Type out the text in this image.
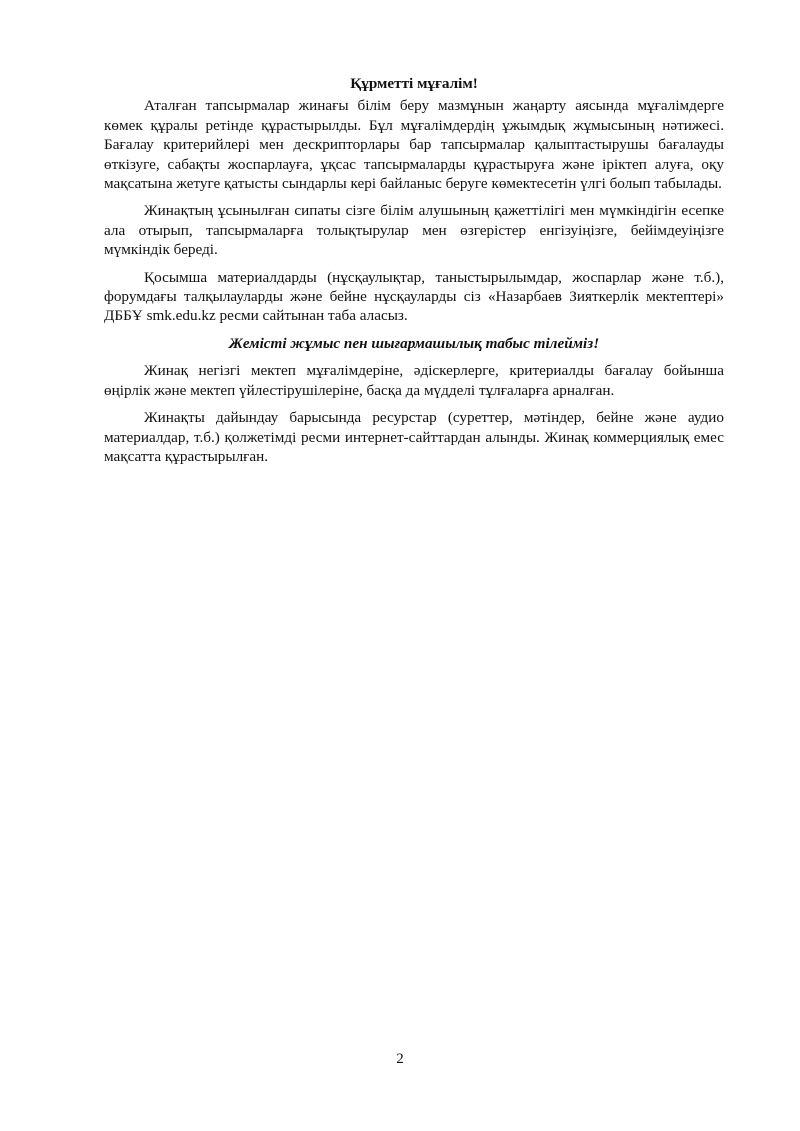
Құрметті мұғалім!

Аталған тапсырмалар жинағы білім беру мазмұнын жаңарту аясында мұғалімдерге көмек құралы ретінде құрастырылды. Бұл мұғалімдердің ұжымдық жұмысының нәтижесі. Бағалау критерийлері мен дескрипторлары бар тапсырмалар қалыптастырушы бағалауды өткізуге, сабақты жоспарлауға, ұқсас тапсырмаларды құрастыруға және іріктеп алуға, оқу мақсатына жетуге қатысты сындарлы кері байланыс беруге көмектесетін үлгі болып табылады.

Жинақтың ұсынылған сипаты сізге білім алушының қажеттілігі мен мүмкіндігін есепке ала отырып, тапсырмаларға толықтырулар мен өзгерістер енгізуіңізге, бейімдеуіңізге мүмкіндік береді.

Қосымша материалдарды (нұсқаулықтар, таныстырылымдар, жоспарлар және т.б.), форумдағы талқылауларды және бейне нұсқауларды сіз «Назарбаев Зияткерлік мектептері» ДББҰ smk.edu.kz ресми сайтынан таба аласыз.

Жемісті жұмыс пен шығармашылық табыс тілейміз!

Жинақ негізгі мектеп мұғалімдеріне, әдіскерлерге, критериалды бағалау бойынша өңірлік және мектеп үйлестірушілеріне, басқа да мүдделі тұлғаларға арналған.

Жинақты дайындау барысында ресурстар (суреттер, мәтіндер, бейне және аудио материалдар, т.б.) қолжетімді ресми интернет-сайттардан алынды. Жинақ коммерциялық емес мақсатта құрастырылған.

2
